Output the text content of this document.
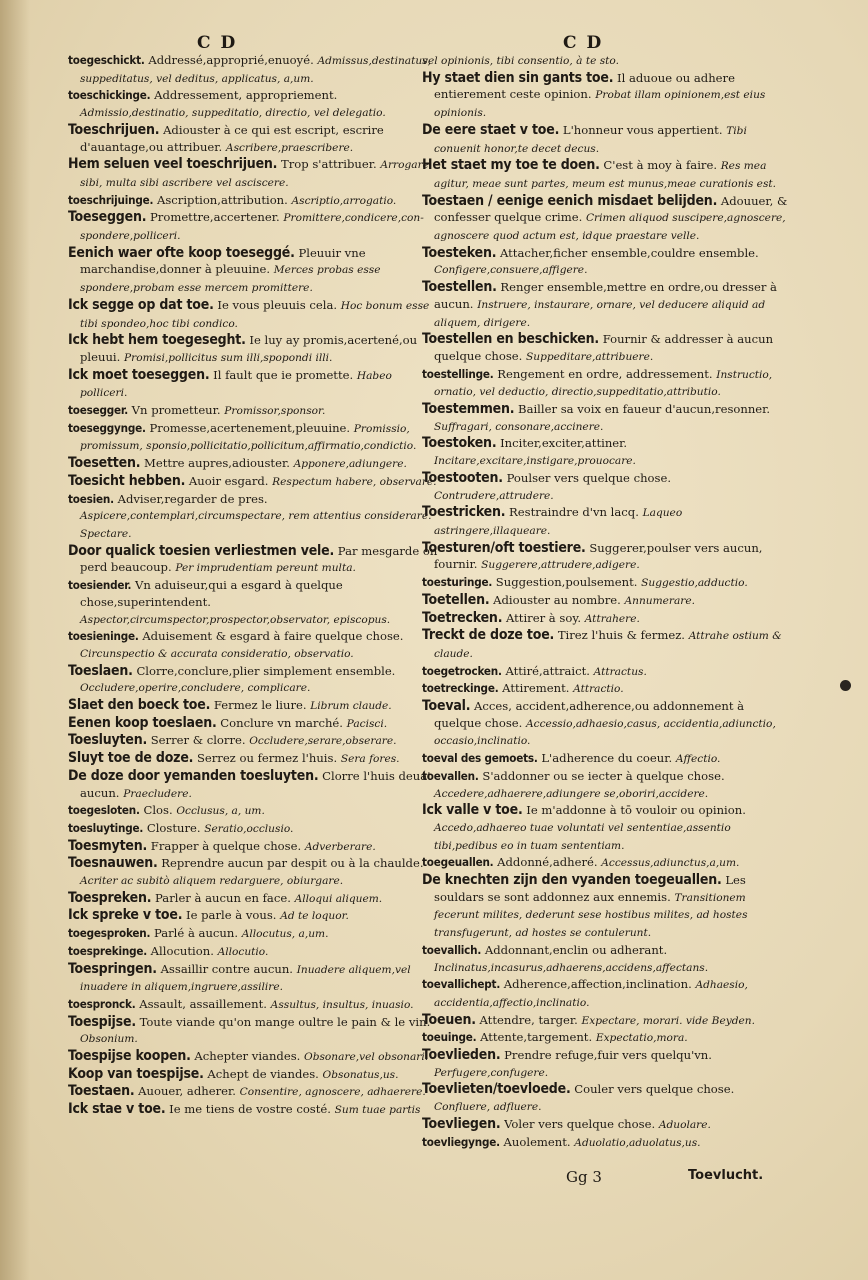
C D	C D

toegeschickt. Addressé,approprié,enuoyé. Admissus,destinatus, suppeditatus, vel deditus, applicatus, a,um.

toeschickinge. Addressement, appropriement. Admissio,destinatio, suppeditatio, directio, vel delegatio.

Toeschrijuen. Adiouster à ce qui est escript, escrire d'auantage,ou attribuer. Ascribere,praescribere.

Hem seluen veel toeschrijuen. Trop s'attribuer. Arrogare sibi, multa sibi ascribere vel asciscere.

toeschrijuinge. Ascription,attribution. Ascriptio,arrogatio.

Toeseggen. Promettre,accertener. Promittere,condicere,con-spondere,polliceri.

Eenich waer ofte koop toeseggé. Pleuuir vne marchandise,donner à pleuuine. Merces probas esse spondere,probam esse mercem promittere.

Ick segge op dat toe. Ie vous pleuuis cela. Hoc bonum esse tibi spondeo,hoc tibi condico.

Ick hebt hem toegeseght. Ie luy ay promis,acertené,ou pleuui. Promisi,pollicitus sum illi,spopondi illi.

Ick moet toeseggen. Il fault que ie promette. Habeo polliceri.

toesegger. Vn prometteur. Promissor,sponsor.

toeseggynge. Promesse,acertenement,pleuuine. Promissio, promissum, sponsio,pollicitatio,pollicitum,affirmatio,condictio.

Toesetten. Mettre aupres,adiouster. Apponere,adiungere.

Toesicht hebben. Auoir esgard. Respectum habere, observare.

toesien. Adviser,regarder de pres. Aspicere,contemplari,circumspectare, rem attentius considerare. Spectare.

Door qualick toesien verliestmen vele. Par mesgarde on perd beaucoup. Per imprudentiam pereunt multa.

toesiender. Vn aduiseur,qui a esgard à quelque chose,superintendent. Aspector,circumspector,prospector,observator, episcopus.

toesieninge. Aduisement & esgard à faire quelque chose. Circunspectio & accurata consideratio, observatio.

Toeslaen. Clorre,conclure,plier simplement ensemble. Occludere,operire,concludere, complicare.

Slaet den boeck toe. Fermez le liure. Librum claude.

Eenen koop toeslaen. Conclure vn marché. Pacisci.

Toesluyten. Serrer & clorre. Occludere,serare,obserare.

Sluyt toe de doze. Serrez ou fermez l'huis. Sera fores.

De doze door yemanden toesluyten. Clorre l'huis deuát aucun. Praecludere.

toegesloten. Clos. Occlusus, a, um.

toesluytinge. Closture. Seratio,occlusio.

Toesmyten. Frapper à quelque chose. Adverberare.

Toesnauwen. Reprendre aucun par despit ou à la chaulde. Acriter ac subitò aliquem redarguere, obiurgare.

Toespreken. Parler à aucun en face. Alloqui aliquem.

Ick spreke v toe. Ie parle à vous. Ad te loquor.

toegesproken. Parlé à aucun. Allocutus, a,um.

toesprekinge. Allocution. Allocutio.

Toespringen. Assaillir contre aucun. Inuadere aliquem,vel inuadere in aliquem,ingruere,assilire.

toespronck. Assault, assaillement. Assultus, insultus, inuasio.

Toespijse. Toute viande qu'on mange oultre le pain & le vin. Obsonium.

Toespijse koopen. Achepter viandes. Obsonare,vel obsonari.

Koop van toespijse. Achept de viandes. Obsonatus,us.

Toestaen. Auouer, adherer. Consentire, agnoscere, adhaerere.

Ick stae v toe. Ie me tiens de vostre costé. Sum tuae partis

vel opinionis, tibi consentio, à te sto.

Hy staet dien sin gants toe. Il aduoue ou adhere entierement ceste opinion. Probat illam opinionem,est eius opinionis.

De eere staet v toe. L'honneur vous appertient. Tibi conuenit honor,te decet decus.

Het staet my toe te doen. C'est à moy à faire. Res mea agitur, meae sunt partes, meum est munus,meae curationis est.

Toestaen / eenige eenich misdaet belijden. Adouuer, & confesser quelque crime. Crimen aliquod suscipere,agnoscere, agnoscere quod actum est, idque praestare velle.

Toesteken. Attacher,ficher ensemble,couldre ensemble. Configere,consuere,affigere.

Toestellen. Renger ensemble,mettre en ordre,ou dresser à aucun. Instruere, instaurare, ornare, vel deducere aliquid ad aliquem, dirigere.

Toestellen en beschicken. Fournir & addresser à aucun quelque chose. Suppeditare,attribuere.

toestellinge. Rengement en ordre, addressement. Instructio, ornatio, vel deductio, directio,suppeditatio,attributio.

Toestemmen. Bailler sa voix en faueur d'aucun,resonner. Suffragari, consonare,accinere.

Toestoken. Inciter,exciter,attiner. Incitare,excitare,instigare,prouocare.

Toestooten. Poulser vers quelque chose. Contrudere,attrudere.

Toestricken. Restraindre d'vn lacq. Laqueo astringere,illaqueare.

Toesturen/oft toestiere. Suggerer,poulser vers aucun, fournir. Suggerere,attrudere,adigere.

toesturinge. Suggestion,poulsement. Suggestio,adductio.

Toetellen. Adiouster au nombre. Annumerare.

Toetrecken. Attirer à soy. Attrahere.

Treckt de doze toe. Tirez l'huis & fermez. Attrahe ostium & claude.

toegetrocken. Attiré,attraict. Attractus.

toetreckinge. Attirement. Attractio.

Toeval. Acces, accident,adherence,ou addonnement à quelque chose. Accessio,adhaesio,casus, accidentia,adiunctio, occasio,inclinatio.

toeval des gemoets. L'adherence du coeur. Affectio.

toevallen. S'addonner ou se iecter à quelque chose. Accedere,adhaerere,adiungere se,oboriri,accidere.

Ick valle v toe. Ie m'addonne à tō vouloir ou opinion. Accedo,adhaereo tuae voluntati vel sententiae,assentio tibi,pedibus eo in tuam sententiam.

toegeuallen. Addonné,adheré. Accessus,adiunctus,a,um.

De knechten zijn den vyanden toegeuallen. Les souldars se sont addonnez aux ennemis. Transitionem fecerunt milites, dederunt sese hostibus milites, ad hostes transfugerunt, ad hostes se contulerunt.

toevallich. Addonnant,enclin ou adherant. Inclinatus,incasurus,adhaerens,accidens,affectans.

toevallichept. Adherence,affection,inclination. Adhaesio, accidentia,affectio,inclinatio.

Toeuen. Attendre, targer. Expectare, morari. vide Beyden.

toeuinge. Attente,targement. Expectatio,mora.

Toevlieden. Prendre refuge,fuir vers quelqu'vn. Perfugere,confugere.

Toevlieten/toevloede. Couler vers quelque chose. Confluere, adfluere.

Toevliegen. Voler vers quelque chose. Aduolare.

toevliegynge. Auolement. Aduolatio,aduolatus,us.

Gg 3	Toevlucht.
